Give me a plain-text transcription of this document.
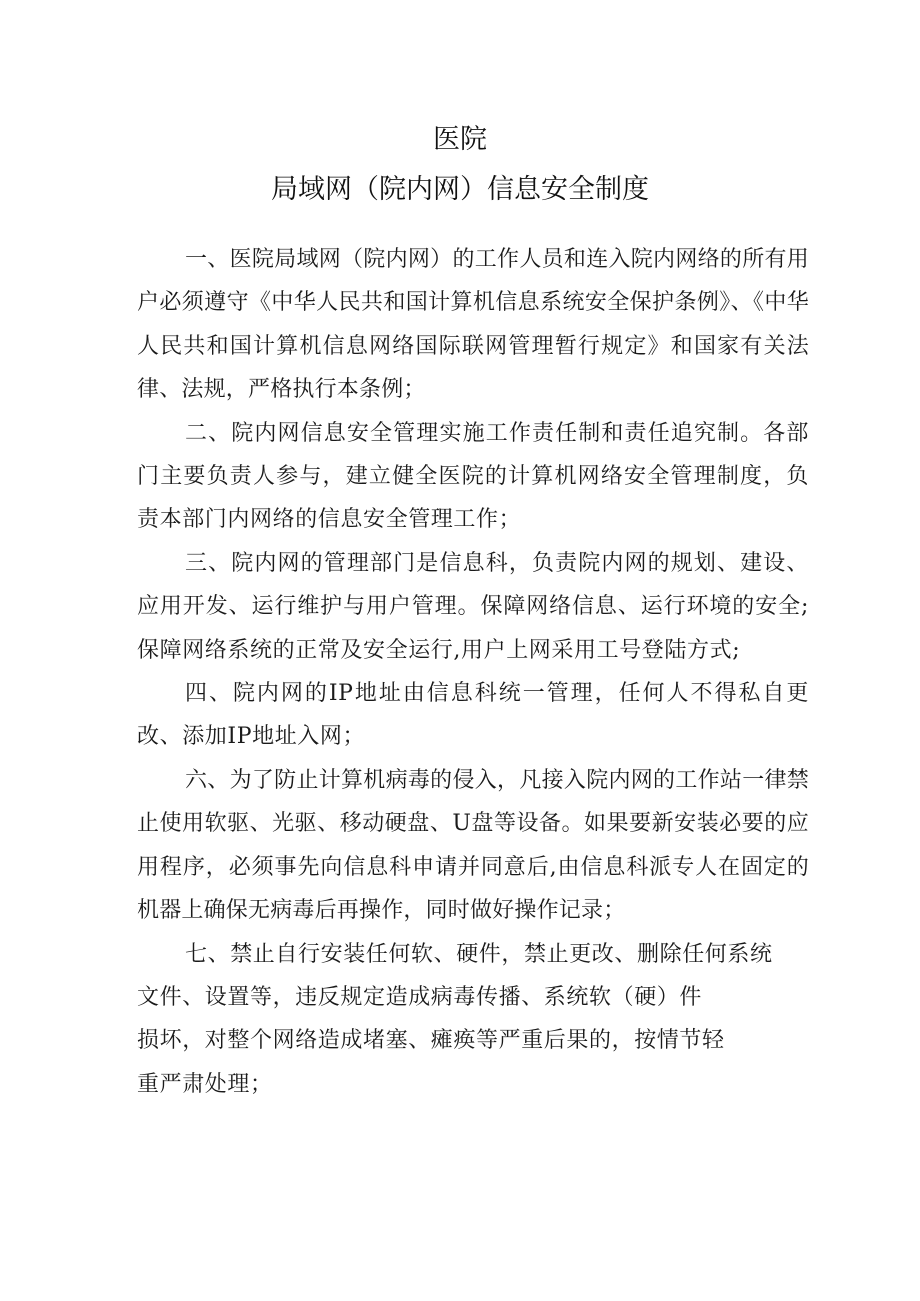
医院
局域网（院内网）信息安全制度

一、医院局域网（院内网）的工作人员和连入院内网络的所有用户必须遵守《中华人民共和国计算机信息系统安全保护条例》、《中华人民共和国计算机信息网络国际联网管理暂行规定》和国家有关法律、法规，严格执行本条例；

二、院内网信息安全管理实施工作责任制和责任追究制。各部门主要负责人参与，建立健全医院的计算机网络安全管理制度，负责本部门内网络的信息安全管理工作；

三、院内网的管理部门是信息科，负责院内网的规划、建设、应用开发、运行维护与用户管理。保障网络信息、运行环境的安全;保障网络系统的正常及安全运行,用户上网采用工号登陆方式;

四、院内网的IP地址由信息科统一管理，任何人不得私自更改、添加IP地址入网；

六、为了防止计算机病毒的侵入，凡接入院内网的工作站一律禁止使用软驱、光驱、移动硬盘、U盘等设备。如果要新安装必要的应用程序，必须事先向信息科申请并同意后,由信息科派专人在固定的机器上确保无病毒后再操作，同时做好操作记录；

七、禁止自行安装任何软、硬件，禁止更改、删除任何系统

文件、设置等，违反规定造成病毒传播、系统软（硬）件

损坏，对整个网络造成堵塞、瘫痪等严重后果的，按情节轻

重严肃处理；
